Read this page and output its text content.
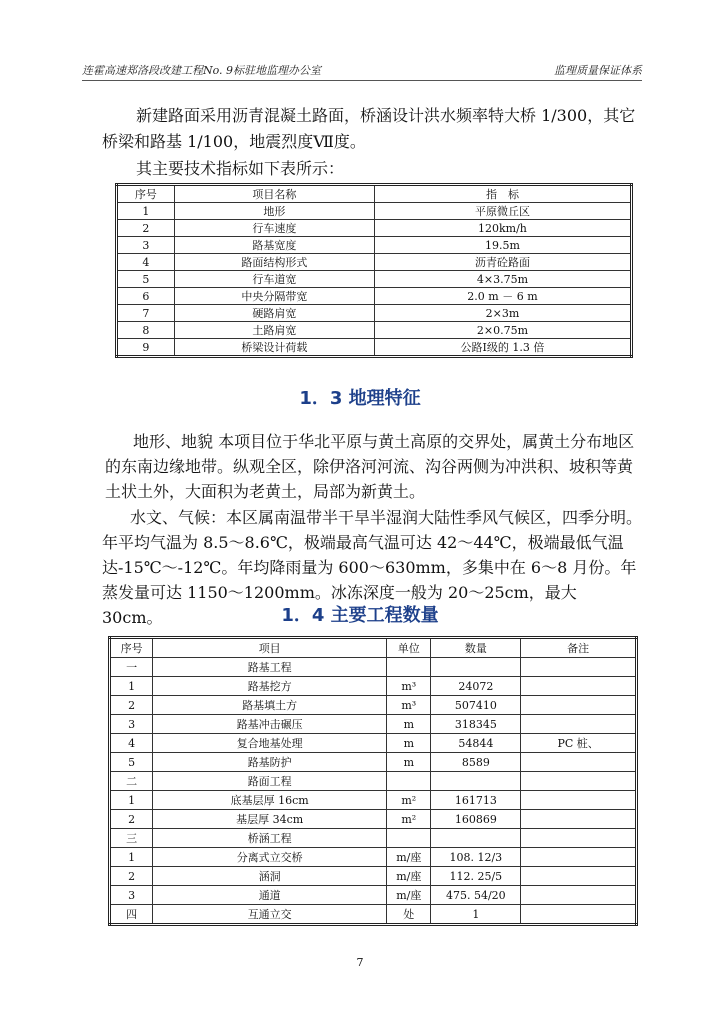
连霍高速郑洛段改建工程No. 9标驻地监理办公室	监理质量保证体系
新建路面采用沥青混凝土路面，桥涵设计洪水频率特大桥 1/300，其它桥梁和路基 1/100，地震烈度Ⅶ度。
其主要技术指标如下表所示：
序号	项目名称	指　标
1	地形	平原微丘区
2	行车速度	120km/h
3	路基宽度	19.5m
4	路面结构形式	沥青砼路面
5	行车道宽	4×3.75m
6	中央分隔带宽	2.0 m － 6 m
7	硬路肩宽	2×3m
8	土路肩宽	2×0.75m
9	桥梁设计荷载	公路Ⅰ级的 1.3 倍
1．3 地理特征
地形、地貌 本项目位于华北平原与黄土高原的交界处，属黄土分布地区的东南边缘地带。纵观全区，除伊洛河河流、沟谷两侧为冲洪积、坡积等黄土状土外，大面积为老黄土，局部为新黄土。
水文、气候：本区属南温带半干旱半湿润大陆性季风气候区，四季分明。年平均气温为 8.5～8.6℃，极端最高气温可达 42～44℃，极端最低气温达-15℃～-12℃。年均降雨量为 600～630mm，多集中在 6～8 月份。年蒸发量可达 1150～1200mm。冰冻深度一般为 20～25cm，最大 30cm。	1．4 主要工程数量
序号	项目	单位	数量	备注
一	路基工程			
1	路基挖方	m³	24072	
2	路基填土方	m³	507410	
3	路基冲击碾压	m	318345	
4	复合地基处理	m	54844	PC 桩、
5	路基防护	m	8589	
二	路面工程			
1	底基层厚 16cm	m²	161713	
2	基层厚 34cm	m²	160869	
三	桥涵工程			
1	分离式立交桥	m/座	108. 12/3	
2	涵洞	m/座	112. 25/5	
3	通道	m/座	475. 54/20	
四	互通立交	处	1	
7
